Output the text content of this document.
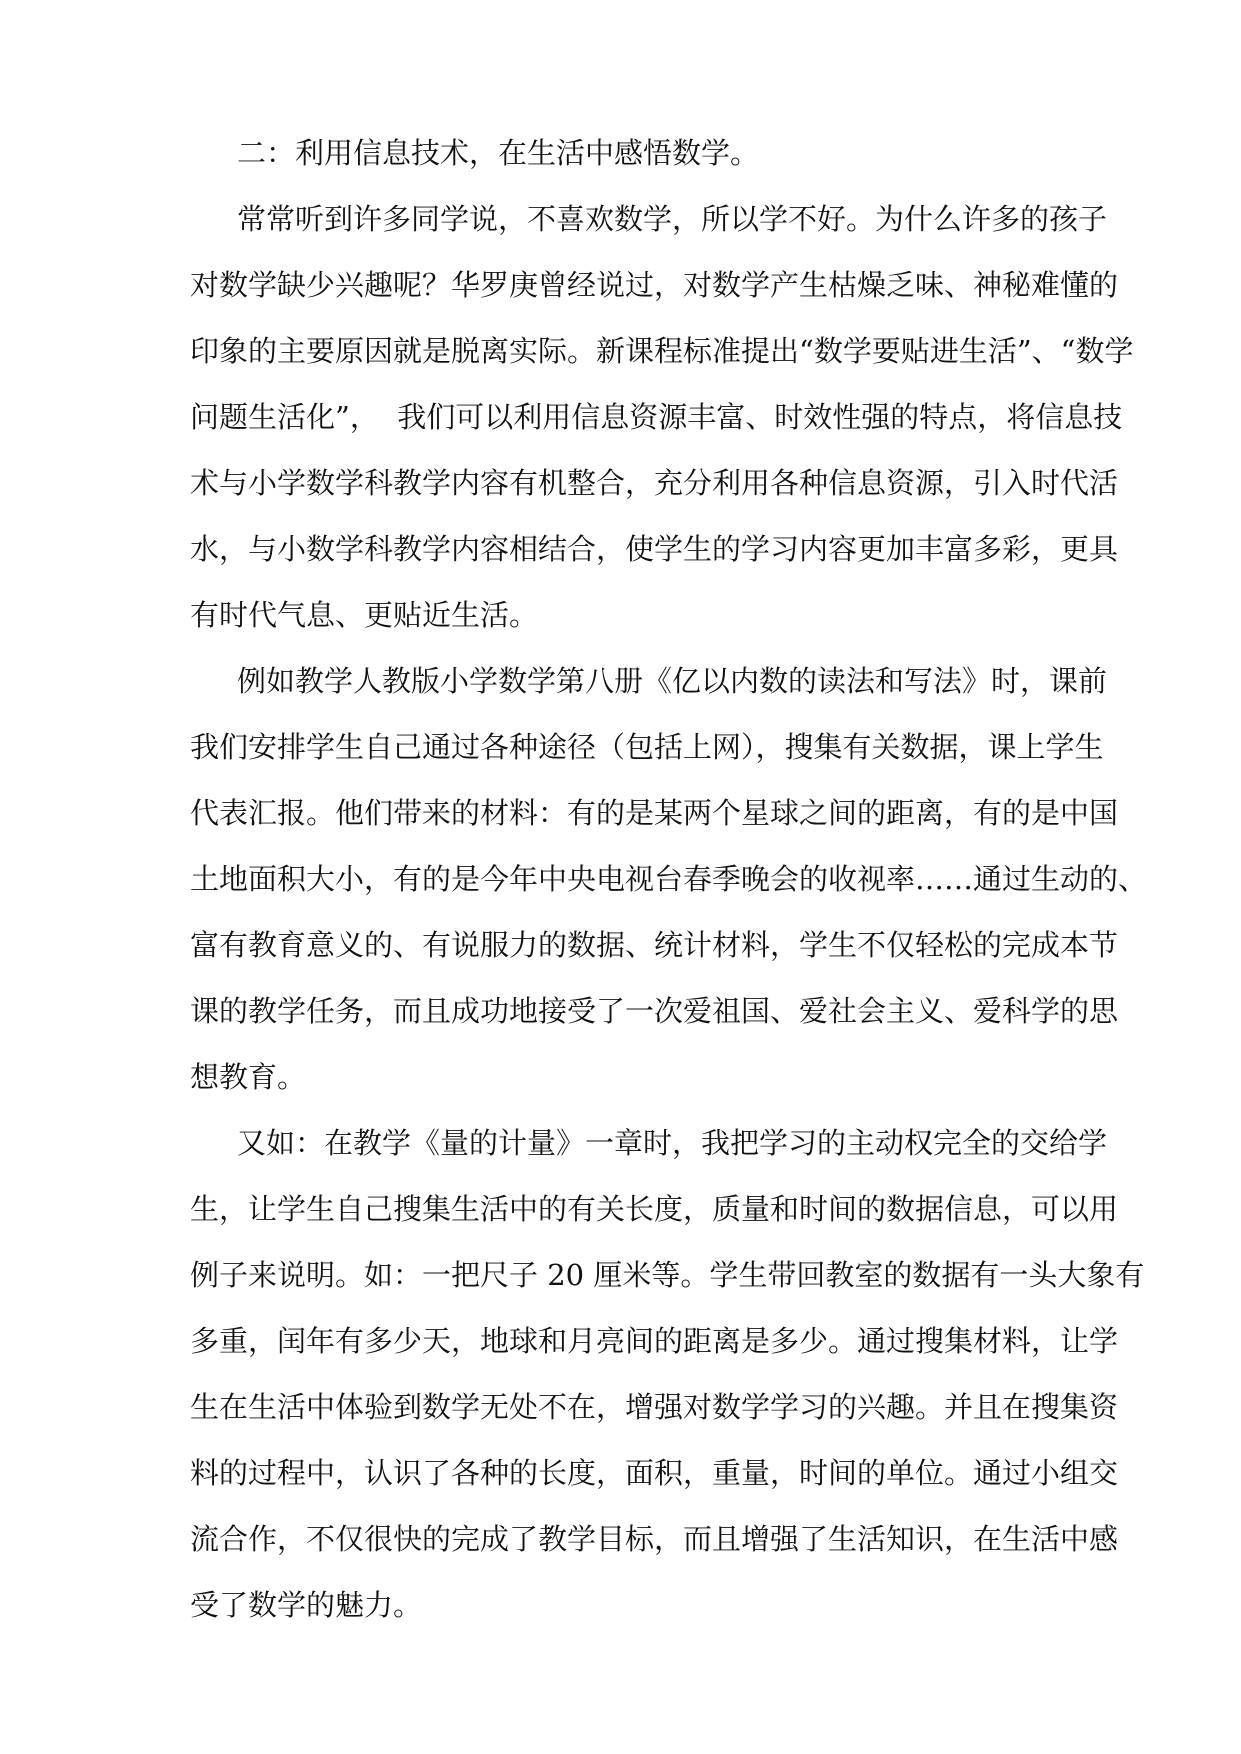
二：利用信息技术，在生活中感悟数学。
常常听到许多同学说，不喜欢数学，所以学不好。为什么许多的孩子
对数学缺少兴趣呢？华罗庚曾经说过，对数学产生枯燥乏味、神秘难懂的
印象的主要原因就是脱离实际。新课程标准提出“数学要贴进生活”、“数学
问题生活化”，  我们可以利用信息资源丰富、时效性强的特点，将信息技
术与小学数学科教学内容有机整合，充分利用各种信息资源，引入时代活
水，与小数学科教学内容相结合，使学生的学习内容更加丰富多彩，更具
有时代气息、更贴近生活。
例如教学人教版小学数学第八册《亿以内数的读法和写法》时，课前
我们安排学生自己通过各种途径（包括上网），搜集有关数据，课上学生
代表汇报。他们带来的材料：有的是某两个星球之间的距离，有的是中国
土地面积大小，有的是今年中央电视台春季晚会的收视率……通过生动的、
富有教育意义的、有说服力的数据、统计材料，学生不仅轻松的完成本节
课的教学任务，而且成功地接受了一次爱祖国、爱社会主义、爱科学的思
想教育。
又如：在教学《量的计量》一章时，我把学习的主动权完全的交给学
生，让学生自己搜集生活中的有关长度，质量和时间的数据信息，可以用
例子来说明。如：一把尺子 20 厘米等。学生带回教室的数据有一头大象有
多重，闰年有多少天，地球和月亮间的距离是多少。通过搜集材料，让学
生在生活中体验到数学无处不在，增强对数学学习的兴趣。并且在搜集资
料的过程中，认识了各种的长度，面积，重量，时间的单位。通过小组交
流合作，不仅很快的完成了教学目标，而且增强了生活知识，在生活中感
受了数学的魅力。
